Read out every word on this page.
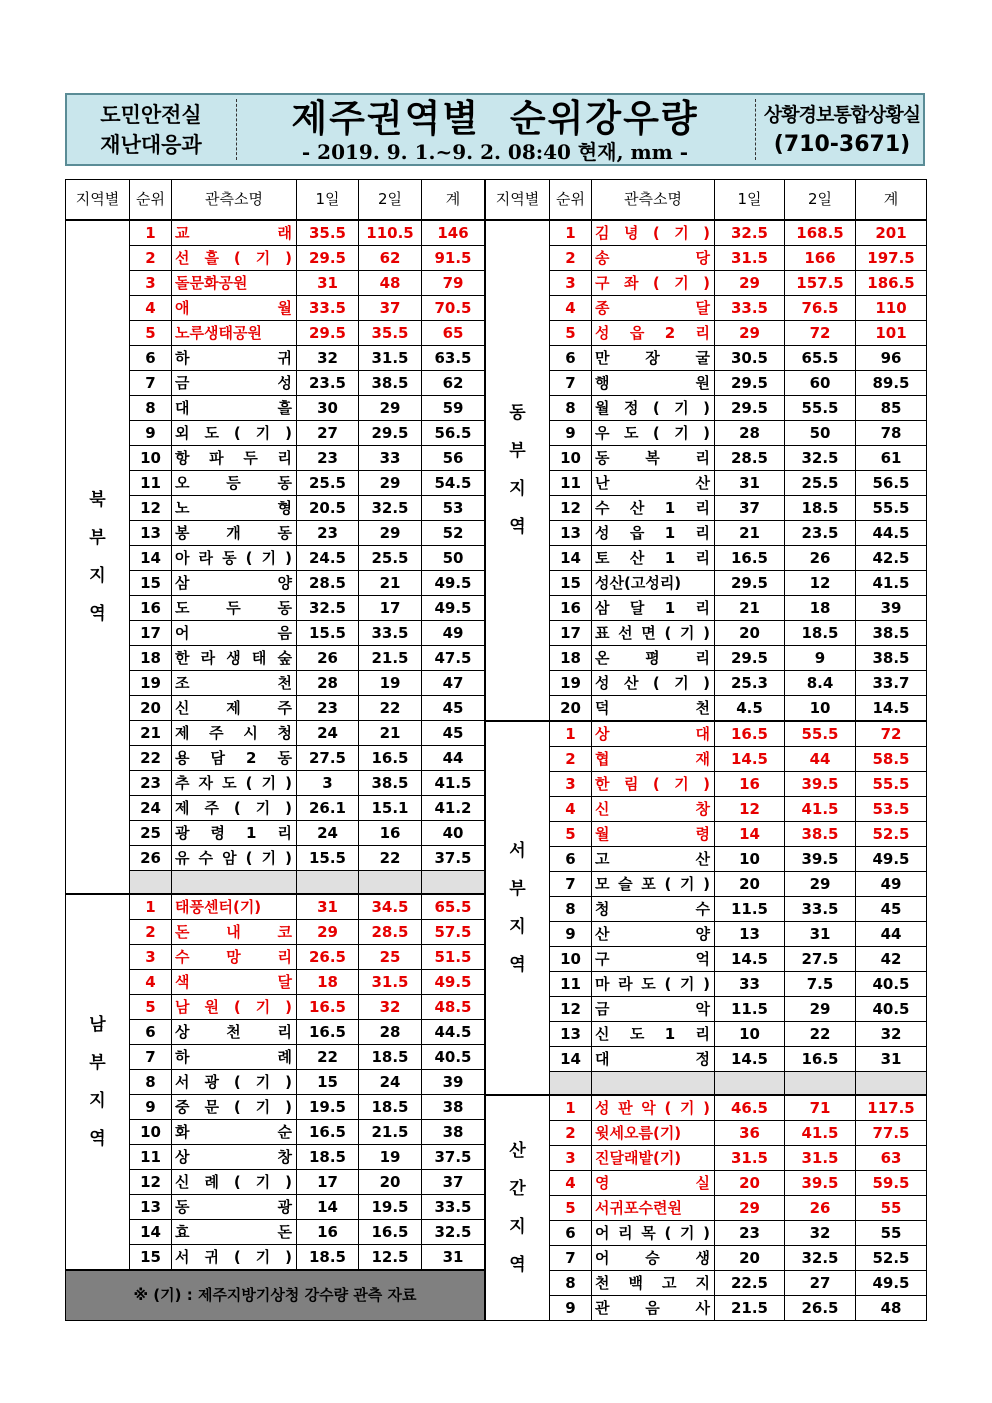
도민안전실
재난대응과
제주권역별  순위강우량
- 2019. 9. 1.~9. 2. 08:40 현재, mm -
상황경보통합상황실
(710-3671)
지역별	순위	관측소명	1일	2일	계

북
부
지
역	1	교 래	35.5	110.5	146
	2	선 흘 ( 기 )	29.5	62	91.5
	3	돌문화공원	31	48	79
	4	애 월	33.5	37	70.5
	5	노루생태공원	29.5	35.5	65
	6	하 귀	32	31.5	63.5
	7	금 성	23.5	38.5	62
	8	대 흘	30	29	59
	9	외 도 ( 기 )	27	29.5	56.5
	10	항 파 두 리	23	33	56
	11	오 등 동	25.5	29	54.5
	12	노 형	20.5	32.5	53
	13	봉 개 동	23	29	52
	14	아 라 동 ( 기 )	24.5	25.5	50
	15	삼 양	28.5	21	49.5
	16	도 두 동	32.5	17	49.5
	17	어 음	15.5	33.5	49
	18	한 라 생 태 숲	26	21.5	47.5
	19	조 천	28	19	47
	20	신 제 주	23	22	45
	21	제 주 시 청	24	21	45
	22	용 담 2 동	27.5	16.5	44
	23	추 자 도 ( 기 )	3	38.5	41.5
	24	제 주 ( 기 )	26.1	15.1	41.2
	25	광 령 1 리	24	16	40
	26	유 수 암 ( 기 )	15.5	22	37.5

남
부
지
역	1	태풍센터(기)	31	34.5	65.5
	2	돈 내 코	29	28.5	57.5
	3	수 망 리	26.5	25	51.5
	4	색 달	18	31.5	49.5
	5	남 원 ( 기 )	16.5	32	48.5
	6	상 천 리	16.5	28	44.5
	7	하 례	22	18.5	40.5
	8	서 광 ( 기 )	15	24	39
	9	중 문 ( 기 )	19.5	18.5	38
	10	화 순	16.5	21.5	38
	11	상 창	18.5	19	37.5
	12	신 례 ( 기 )	17	20	37
	13	동 광	14	19.5	33.5
	14	효 돈	16	16.5	32.5
	15	서 귀 ( 기 )	18.5	12.5	31
※ (기) : 제주지방기상청 강수량 관측 자료					
지역별	순위	관측소명	1일	2일	계

동
부
지
역	1	김 녕 ( 기 )	32.5	168.5	201
	2	송 당	31.5	166	197.5
	3	구 좌 ( 기 )	29	157.5	186.5
	4	종 달	33.5	76.5	110
	5	성 읍 2 리	29	72	101
	6	만 장 굴	30.5	65.5	96
	7	행 원	29.5	60	89.5
	8	월 정 ( 기 )	29.5	55.5	85
	9	우 도 ( 기 )	28	50	78
	10	동 복 리	28.5	32.5	61
	11	난 산	31	25.5	56.5
	12	수 산 1 리	37	18.5	55.5
	13	성 읍 1 리	21	23.5	44.5
	14	토 산 1 리	16.5	26	42.5
	15	성산(고성리)	29.5	12	41.5
	16	삼 달 1 리	21	18	39
	17	표 선 면 ( 기 )	20	18.5	38.5
	18	온 평 리	29.5	9	38.5
	19	성 산 ( 기 )	25.3	8.4	33.7
	20	덕 천	4.5	10	14.5

서
부
지
역	1	상 대	16.5	55.5	72
	2	협 재	14.5	44	58.5
	3	한 림 ( 기 )	16	39.5	55.5
	4	신 창	12	41.5	53.5
	5	월 령	14	38.5	52.5
	6	고 산	10	39.5	49.5
	7	모 슬 포 ( 기 )	20	29	49
	8	청 수	11.5	33.5	45
	9	산 양	13	31	44
	10	구 억	14.5	27.5	42
	11	마 라 도 ( 기 )	33	7.5	40.5
	12	금 악	11.5	29	40.5
	13	신 도 1 리	10	22	32
	14	대 정	14.5	16.5	31

산
간
지
역	1	성 판 악 ( 기 )	46.5	71	117.5
	2	윗세오름(기)	36	41.5	77.5
	3	진달래밭(기)	31.5	31.5	63
	4	영 실	20	39.5	59.5
	5	서귀포수련원	29	26	55
	6	어 리 목 ( 기 )	23	32	55
	7	어 승 생	20	32.5	52.5
	8	천 백 고 지	22.5	27	49.5
	9	관 음 사	21.5	26.5	48
